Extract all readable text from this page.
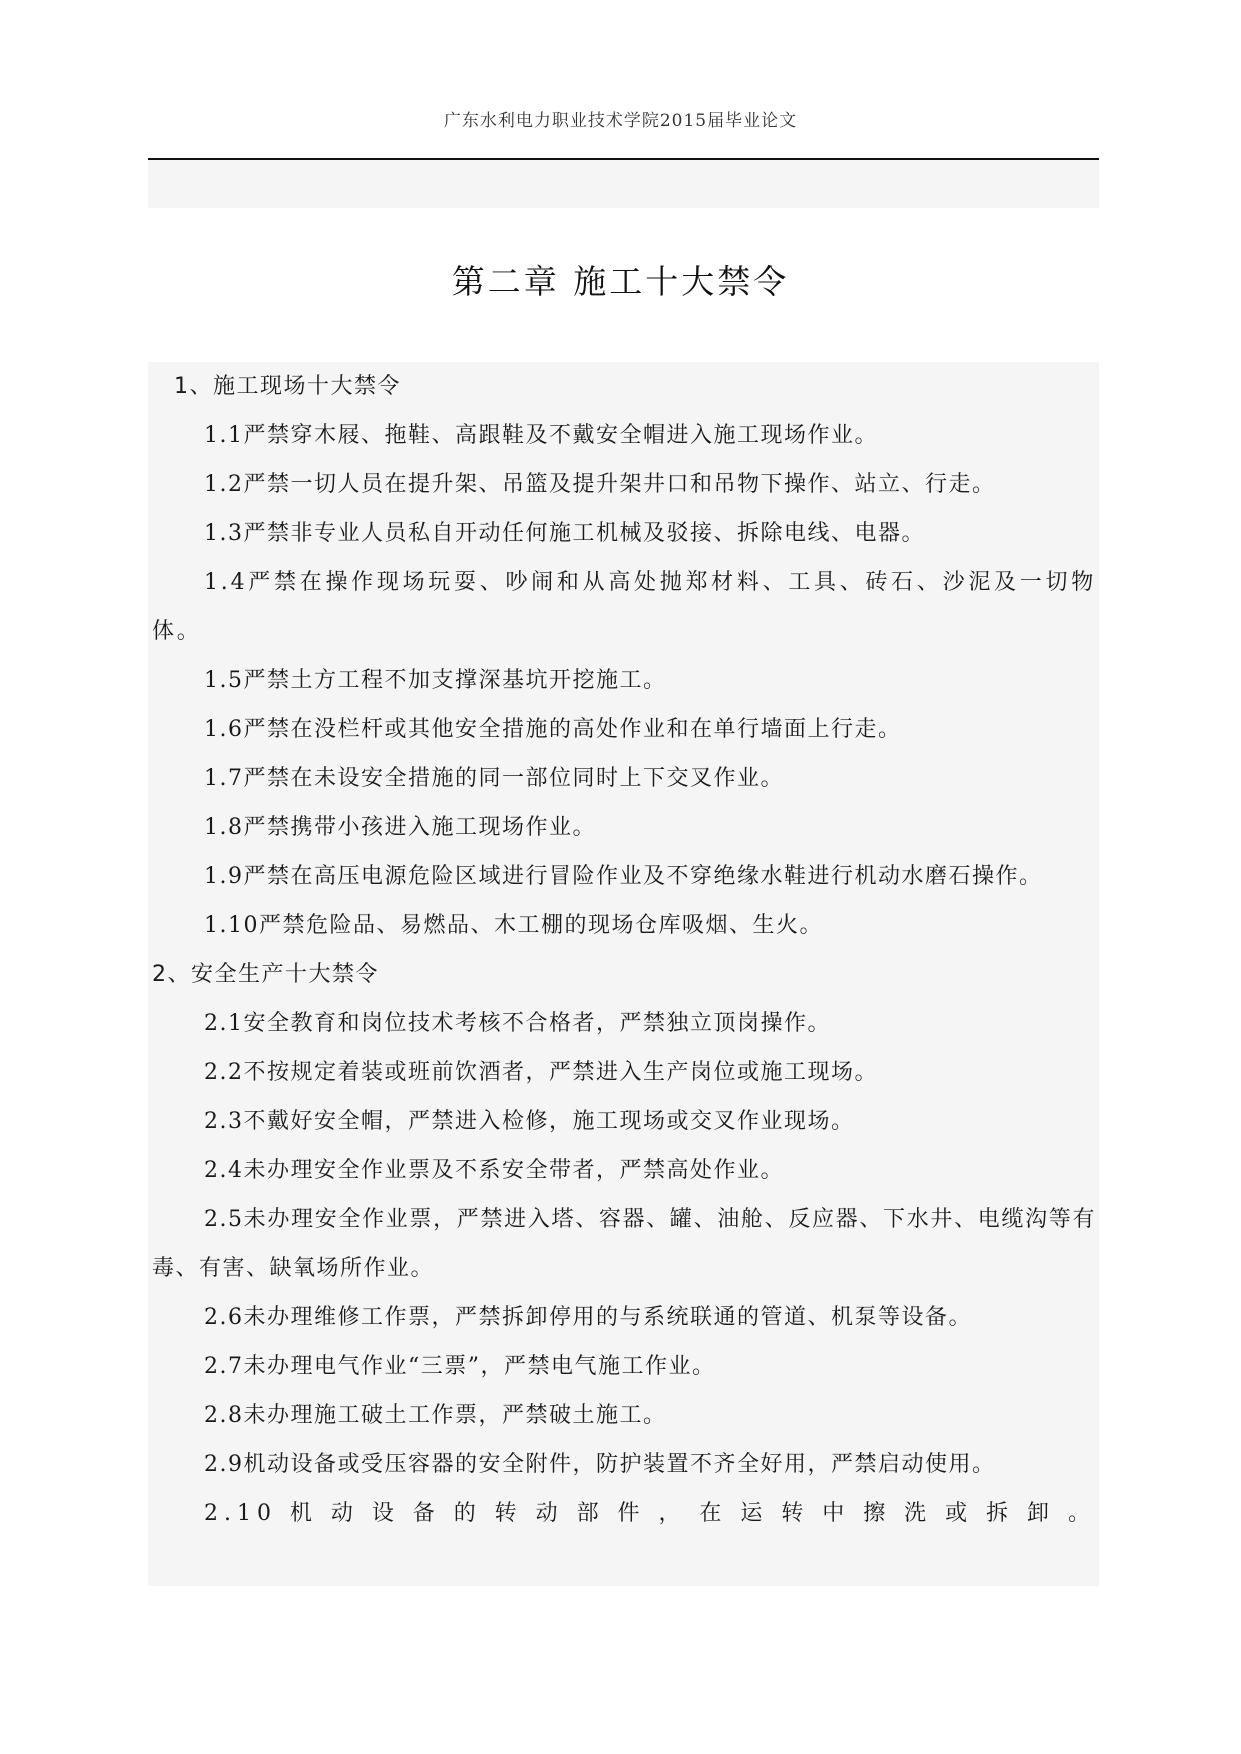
广东水利电力职业技术学院2015届毕业论文
第二章 施工十大禁令
1、施工现场十大禁令

1.1严禁穿木屐、拖鞋、高跟鞋及不戴安全帽进入施工现场作业。

1.2严禁一切人员在提升架、吊篮及提升架井口和吊物下操作、站立、行走。

1.3严禁非专业人员私自开动任何施工机械及驳接、拆除电线、电器。

1.4严禁在操作现场玩耍、吵闹和从高处抛郑材料、工具、砖石、沙泥及一切物体。

1.5严禁土方工程不加支撑深基坑开挖施工。

1.6严禁在没栏杆或其他安全措施的高处作业和在单行墙面上行走。

1.7严禁在未设安全措施的同一部位同时上下交叉作业。

1.8严禁携带小孩进入施工现场作业。

1.9严禁在高压电源危险区域进行冒险作业及不穿绝缘水鞋进行机动水磨石操作。

1.10严禁危险品、易燃品、木工棚的现场仓库吸烟、生火。

2、安全生产十大禁令

2.1安全教育和岗位技术考核不合格者，严禁独立顶岗操作。

2.2不按规定着装或班前饮酒者，严禁进入生产岗位或施工现场。

2.3不戴好安全帽，严禁进入检修，施工现场或交叉作业现场。

2.4未办理安全作业票及不系安全带者，严禁高处作业。

2.5未办理安全作业票，严禁进入塔、容器、罐、油舱、反应器、下水井、电缆沟等有毒、有害、缺氧场所作业。

2.6未办理维修工作票，严禁拆卸停用的与系统联通的管道、机泵等设备。

2.7未办理电气作业“三票”，严禁电气施工作业。

2.8未办理施工破土工作票，严禁破土施工。

2.9机动设备或受压容器的安全附件，防护装置不齐全好用，严禁启动使用。

2.10机动设备的转动部件，在运转中擦洗或拆卸。
